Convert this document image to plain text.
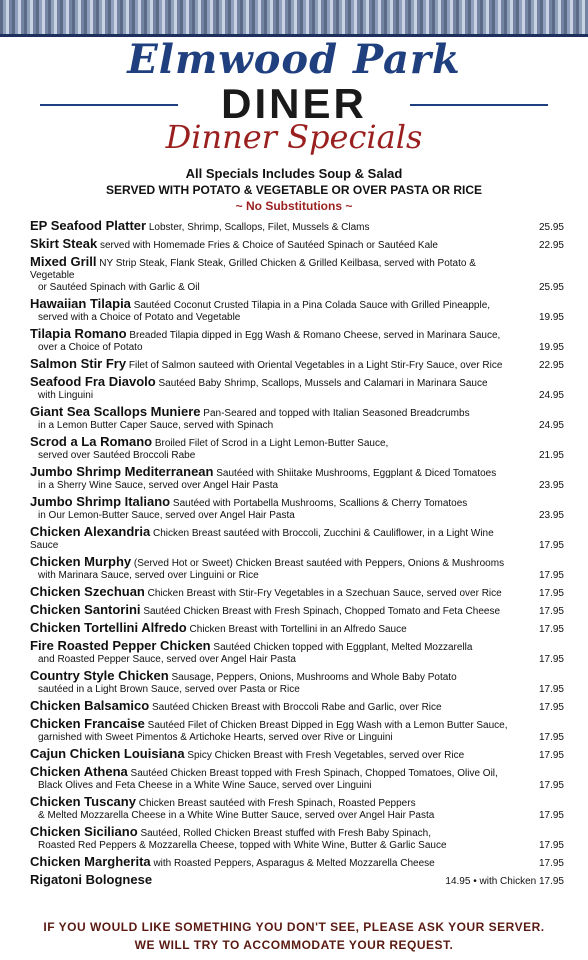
Elmwood Park
DINER
Dinner Specials
All Specials Includes Soup & Salad
SERVED WITH POTATO & VEGETABLE OR OVER PASTA OR RICE
~ No Substitutions ~
EP Seafood Platter Lobster, Shrimp, Scallops, Filet, Mussels & Clams	25.95
Skirt Steak served with Homemade Fries & Choice of Sautéed Spinach or Sautéed Kale	22.95
Mixed Grill NY Strip Steak, Flank Steak, Grilled Chicken & Grilled Keilbasa, served with Potato & Vegetable
or Sautéed Spinach with Garlic & Oil	25.95
Hawaiian Tilapia Sautéed Coconut Crusted Tilapia in a Pina Colada Sauce with Grilled Pineapple,
served with a Choice of Potato and Vegetable	19.95
Tilapia Romano Breaded Tilapia dipped in Egg Wash & Romano Cheese, served in Marinara Sauce,
over a Choice of Potato	19.95
Salmon Stir Fry Filet of Salmon sauteed with Oriental Vegetables in a Light Stir-Fry Sauce, over Rice	22.95
Seafood Fra Diavolo Sautéed Baby Shrimp, Scallops, Mussels and Calamari in Marinara Sauce
with Linguini	24.95
Giant Sea Scallops Muniere Pan-Seared and topped with Italian Seasoned Breadcrumbs
in a Lemon Butter Caper Sauce, served with Spinach	24.95
Scrod a La Romano Broiled Filet of Scrod in a Light Lemon-Butter Sauce,
served over Sautéed Broccoli Rabe	21.95
Jumbo Shrimp Mediterranean Sautéed with Shiitake Mushrooms, Eggplant & Diced Tomatoes
in a Sherry Wine Sauce, served over Angel Hair Pasta	23.95
Jumbo Shrimp Italiano Sautéed with Portabella Mushrooms, Scallions & Cherry Tomatoes
in Our Lemon-Butter Sauce, served over Angel Hair Pasta	23.95
Chicken Alexandria Chicken Breast sautéed with Broccoli, Zucchini & Cauliflower, in a Light Wine Sauce	17.95
Chicken Murphy (Served Hot or Sweet) Chicken Breast sautéed with Peppers, Onions & Mushrooms
with Marinara Sauce, served over Linguini or Rice	17.95
Chicken Szechuan Chicken Breast with Stir-Fry Vegetables in a Szechuan Sauce, served over Rice	17.95
Chicken Santorini Sautéed Chicken Breast with Fresh Spinach, Chopped Tomato and Feta Cheese	17.95
Chicken Tortellini Alfredo Chicken Breast with Tortellini in an Alfredo Sauce	17.95
Fire Roasted Pepper Chicken Sautéed Chicken topped with Eggplant, Melted Mozzarella
and Roasted Pepper Sauce, served over Angel Hair Pasta	17.95
Country Style Chicken Sausage, Peppers, Onions, Mushrooms and Whole Baby Potato
sautéed in a Light Brown Sauce, served over Pasta or Rice	17.95
Chicken Balsamico Sautéed Chicken Breast with Broccoli Rabe and Garlic, over Rice	17.95
Chicken Francaise Sautéed Filet of Chicken Breast Dipped in Egg Wash with a Lemon Butter Sauce,
garnished with Sweet Pimentos & Artichoke Hearts, served over Rive or Linguini	17.95
Cajun Chicken Louisiana Spicy Chicken Breast with Fresh Vegetables, served over Rice	17.95
Chicken Athena Sautéed Chicken Breast topped with Fresh Spinach, Chopped Tomatoes, Olive Oil,
Black Olives and Feta Cheese in a White Wine Sauce, served over Linguini	17.95
Chicken Tuscany Chicken Breast sautéed with Fresh Spinach, Roasted Peppers
& Melted Mozzarella Cheese in a White Wine Butter Sauce, served over Angel Hair Pasta	17.95
Chicken Siciliano Sautéed, Rolled Chicken Breast stuffed with Fresh Baby Spinach,
Roasted Red Peppers & Mozzarella Cheese, topped with White Wine, Butter & Garlic Sauce	17.95
Chicken Margherita with Roasted Peppers, Asparagus & Melted Mozzarella Cheese	17.95
Rigatoni Bolognese	14.95 • with Chicken 17.95
IF YOU WOULD LIKE SOMETHING YOU DON'T SEE, PLEASE ASK YOUR SERVER.
WE WILL TRY TO ACCOMMODATE YOUR REQUEST.
